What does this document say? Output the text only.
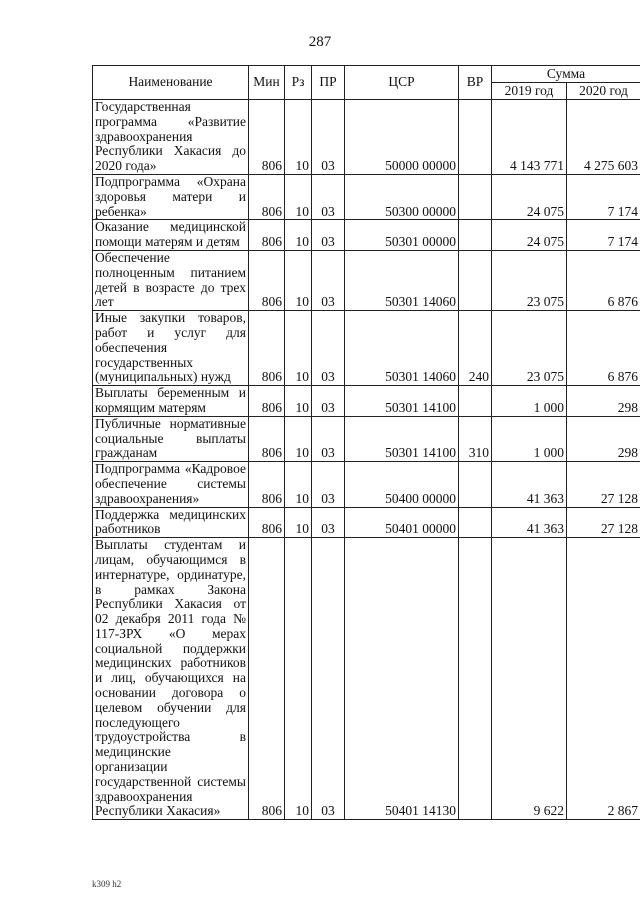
287
Наименование	Мин	Рз	ПР	ЦСР	ВР	Сумма	
						2019 год	2020 год
Государственная программа «Развитие здравоохранения Республики Хакасия до 2020 года»	806	10	03	50000 00000		4 143 771	4 275 603
Подпрограмма «Охрана здоровья матери и ребенка»	806	10	03	50300 00000		24 075	7 174
Оказание медицинской помощи матерям и детям	806	10	03	50301 00000		24 075	7 174
Обеспечение полноценным питанием детей в возрасте до трех лет	806	10	03	50301 14060		23 075	6 876
Иные закупки товаров, работ и услуг для обеспечения государственных (муниципальных) нужд	806	10	03	50301 14060	240	23 075	6 876
Выплаты беременным и кормящим матерям	806	10	03	50301 14100		1 000	298
Публичные нормативные социальные выплаты гражданам	806	10	03	50301 14100	310	1 000	298
Подпрограмма «Кадровое обеспечение системы здравоохранения»	806	10	03	50400 00000		41 363	27 128
Поддержка медицинских работников	806	10	03	50401 00000		41 363	27 128
Выплаты студентам и лицам, обучающимся в интернатуре, ординатуре, в рамках Закона Республики Хакасия от 02 декабря 2011 года № 117-ЗРХ «О мерах социальной поддержки медицинских работников и лиц, обучающихся на основании договора о целевом обучении для последующего трудоустройства в медицинские организации государственной системы здравоохранения Республики Хакасия»	806	10	03	50401 14130		9 622	2 867
k309 h2
